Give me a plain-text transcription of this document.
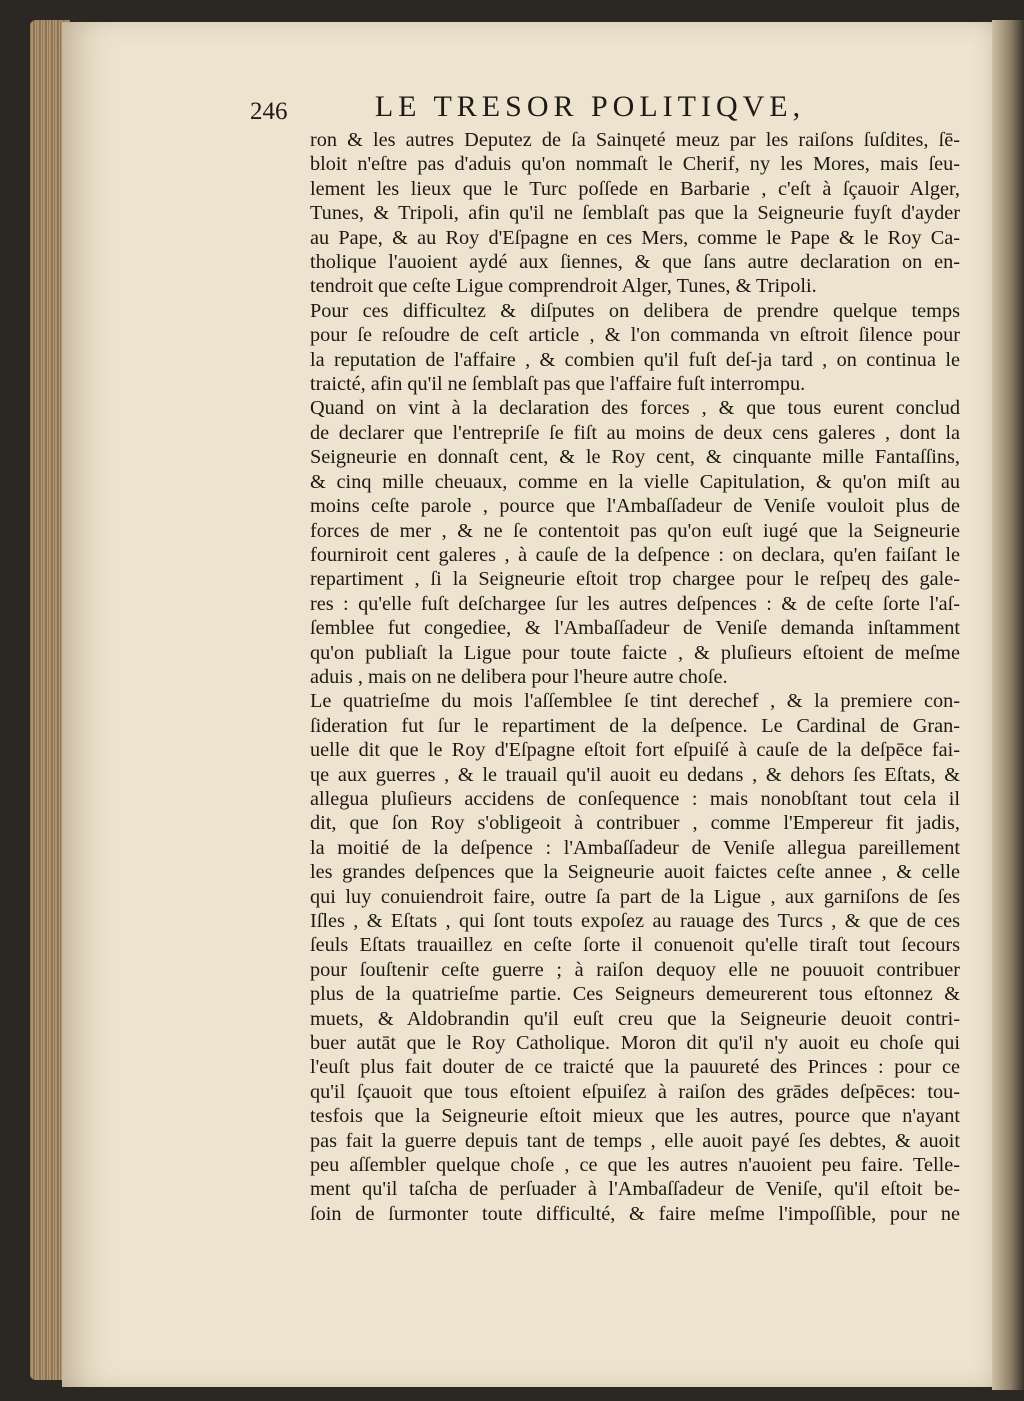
246	LE TRESOR POLITIQVE,
ron & les autres Deputez de ſa Sainɥeté meuz par les raiſons ſuſdites, ſē-
bloit n'eſtre pas d'aduis qu'on nommaſt le Cherif, ny les Mores, mais ſeu-
lement les lieux que le Turc poſſede en Barbarie , c'eſt à ſçauoir Alger,
Tunes, & Tripoli, afin qu'il ne ſemblaſt pas que la Seigneurie fuyſt d'ayder
au Pape, & au Roy d'Eſpagne en ces Mers, comme le Pape & le Roy Ca-
tholique l'auoient aydé aux ſiennes, & que ſans autre declaration on en-
tendroit que ceſte Ligue comprendroit Alger, Tunes, & Tripoli.
Pour ces difficultez & diſputes on delibera de prendre quelque temps
pour ſe reſoudre de ceſt article , & l'on commanda vn eſtroit ſilence pour
la reputation de l'affaire , & combien qu'il fuſt deſ-ja tard , on continua le
traicté, afin qu'il ne ſemblaſt pas que l'affaire fuſt interrompu.
Quand on vint à la declaration des forces , & que tous eurent conclud
de declarer que l'entrepriſe ſe fiſt au moins de deux cens galeres , dont la
Seigneurie en donnaſt cent, & le Roy cent, & cinquante mille Fantaſſins,
& cinq mille cheuaux, comme en la vielle Capitulation, & qu'on miſt au
moins ceſte parole , pource que l'Ambaſſadeur de Veniſe vouloit plus de
forces de mer , & ne ſe contentoit pas qu'on euſt iugé que la Seigneurie
fourniroit cent galeres , à cauſe de la deſpence : on declara, qu'en faiſant le
repartiment , ſi la Seigneurie eſtoit trop chargee pour le reſpeɥ des gale-
res : qu'elle fuſt deſchargee ſur les autres deſpences : & de ceſte ſorte l'aſ-
ſemblee fut congediee, & l'Ambaſſadeur de Veniſe demanda inſtamment
qu'on publiaſt la Ligue pour toute faicte , & pluſieurs eſtoient de meſme
aduis , mais on ne delibera pour l'heure autre choſe.
Le quatrieſme du mois l'aſſemblee ſe tint derechef , & la premiere con-
ſideration fut ſur le repartiment de la deſpence. Le Cardinal de Gran-
uelle dit que le Roy d'Eſpagne eſtoit fort eſpuiſé à cauſe de la deſpēce fai-
ɥe aux guerres , & le trauail qu'il auoit eu dedans , & dehors ſes Eſtats, &
allegua pluſieurs accidens de conſequence : mais nonobſtant tout cela il
dit, que ſon Roy s'obligeoit à contribuer , comme l'Empereur fit jadis,
la moitié de la deſpence : l'Ambaſſadeur de Veniſe allegua pareillement
les grandes deſpences que la Seigneurie auoit faictes ceſte annee , & celle
qui luy conuiendroit faire, outre ſa part de la Ligue , aux garniſons de ſes
Iſles , & Eſtats , qui ſont touts expoſez au rauage des Turcs , & que de ces
ſeuls Eſtats trauaillez en ceſte ſorte il conuenoit qu'elle tiraſt tout ſecours
pour ſouſtenir ceſte guerre ; à raiſon dequoy elle ne pouuoit contribuer
plus de la quatrieſme partie. Ces Seigneurs demeurerent tous eſtonnez &
muets, & Aldobrandin qu'il euſt creu que la Seigneurie deuoit contri-
buer autāt que le Roy Catholique. Moron dit qu'il n'y auoit eu choſe qui
l'euſt plus fait douter de ce traicté que la pauureté des Princes : pour ce
qu'il ſçauoit que tous eſtoient eſpuiſez à raiſon des grādes deſpēces: tou-
tesfois que la Seigneurie eſtoit mieux que les autres, pource que n'ayant
pas fait la guerre depuis tant de temps , elle auoit payé ſes debtes, & auoit
peu aſſembler quelque choſe , ce que les autres n'auoient peu faire. Telle-
ment qu'il taſcha de perſuader à l'Ambaſſadeur de Veniſe, qu'il eſtoit be-
ſoin de ſurmonter toute difficulté, & faire meſme l'impoſſible, pour ne
